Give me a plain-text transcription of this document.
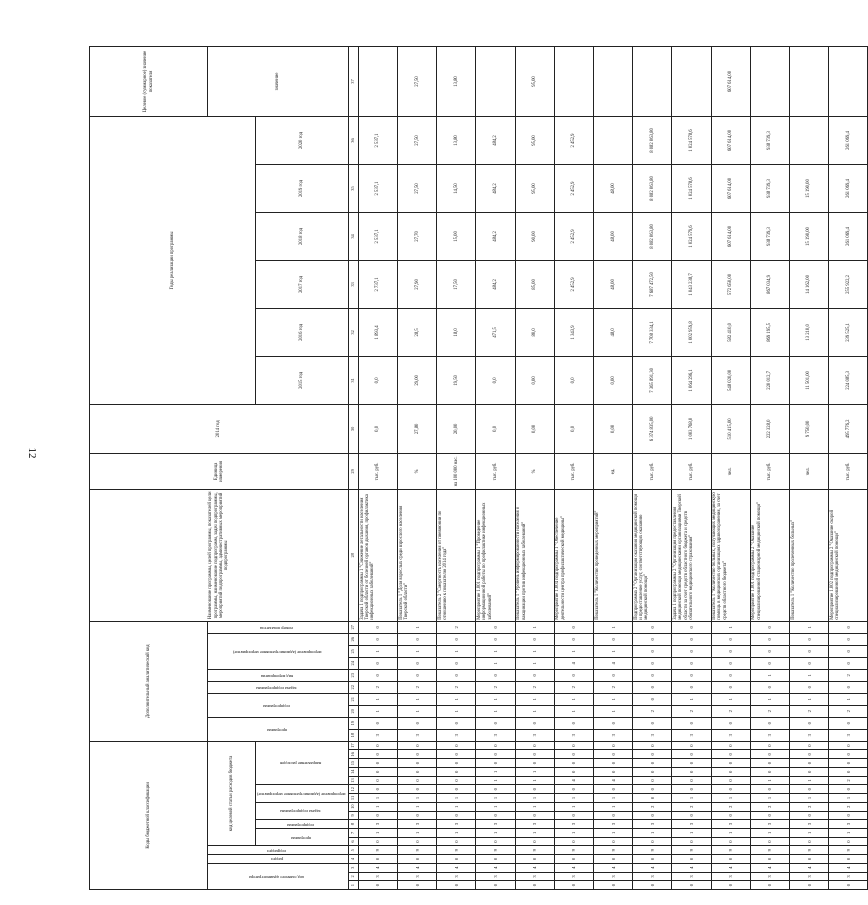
12
Коды бюджетной классификации																	Дополнительный аналитический код										Наименование программы, целей программы, показателей цели программы, наименование подпрограмм, задач подпрограммы, мероприятий подпрограммы, административных мероприятий подпрограммы	Единица измерения	2014 год	Годы реализации программы						Целевое (суммарное) значение показателя
код главного администратора			раздел	подраздел	код целевой статьи расходов бюджета												программа		подпрограмма		задача подпрограммы	вид мероприятия	мероприятие (административное мероприятие)			номер показателя										значение
					программа		подпрограмма	задача подпрограммы		мероприятие (административное мероприятие)		направление расходов																		2015 год	2016 год	2017 год	2018 год	2019 год	2020 год	
1	2	3	4	5	6	7	8	9	10	11	12	13	14	15	16	17	18	19	20	21	22	23	24	25	26	27	28	29	30	31	32	33	34	35	36	37
0	3	4	0	9	0	1	3	0	1	1	0	0	0	0	0	0	3	0	1	1	2	0	0	1	0	0	Задача 1 подпрограммы 1 "Снижение летальности населения Тверской области от болезней органов дыхания, профилактика инфекционных заболеваний"	тыс. руб.	0,0	0,0	1 893,4	2 737,1	2 537,1	2 537,1	2 537,1	
0	3	4	0	9	0	1	3	0	1	1	0	0	0	0	0	0	3	0	1	1	2	0	0	1	0	1	Показатель 1 "Доля взрослых среди взрослого населения Тверской области"	%	27,80	29,00	28,5	27,90	27,70	27,50	27,50	27,50
0	3	4	0	9	0	1	3	0	1	1	0	0	0	0	0	0	3	0	1	1	2	0	0	1	0	2	Показатель 2 "Смертность населения от пневмонии по отношению к показателю 2014 года"	на 100 000 нас.	20,00	19,50	18,0	17,50	15,00	14,50	13,80	13,80
0	3	4	0	9	0	1	3	0	1	1	0	1	1	0	0	0	3	0	1	1	2	0	1	1	0	0	Мероприятие 1.001 подпрограммы 1 "Проведение информационной работы по профилактике инфекционных заболеваний"	тыс. руб.	0,0	0,0	471,5	484,2	484,2	484,2	484,2	
0	3	4	0	9	0	1	3	0	1	1	0	1	1	0	0	0	3	0	1	1	2	0	1	1	0	1	Показатель 1 "Уровень информированности населения о вакцинации против инфекционных заболеваний"	%	0,00	0,00	80,0	85,00	90,00	95,00	95,00	95,00
0	3	4	0	9	0	1	3	0	1	1	0	4	0	0	0	0	3	0	1	1	2	0	4	1	0	0	Мероприятие 1.004 подпрограммы 1 "Обеспечение деятельности центра профилактической медицины"	тыс. руб.	0,0	0,0	1 343,9	2 452,9	2 452,9	2 452,9	2 452,9	
0	3	4	0	9	0	1	3	0	1	1	0	4	0	0	0	0	3	0	1	1	2	0	4	1	0	1	Показатель 1 "Количество проведенных мероприятий"	ед.	0,00	0,00	48,0	48,00	48,00	48,00		
0	3	4	0	9	0	1	3	0	2	0	0	0	0	0	0	0	3	0	2	0	0	0	0	0	0	0	Подпрограмма 2 "Организация оказания медицинской помощи и предоставление услуг, соответствующих оказанию медицинской помощи"	тыс. руб.	6 374 835,00	7 365 891,30	7 708 334,1	7 687 472,50	8 082 063,80	8 082 063,80	8 082 063,80	
0	3	4	0	9	0	1	3	0	2	1	0	0	0	0	0	0	3	0	2	1	0	0	0	0	0	0	Задача 1 подпрограммы 2 "Организация предоставления медицинской помощи медицинскими организациями Тверской области за счет средств областного бюджета и средств обязательного медицинского страхования"	тыс. руб.	1 003 768,0	1 064 296,1	1 002 959,8	1 043 238,7	1 024 579,6	1 024 578,6	1 024 578,6	
0	3	4	0	9	0	1	3	0	2	1	0	0	0	0	0	0	3	0	2	1	0	0	0	0	0	1	Показатель 1 "Количество больных, получающих медицинскую помощь в медицинских организациях здравоохранения, за счет средств областного бюджета"	чел.	510 415,00	548 020,00	582 410,0	572 650,00	607 614,00	607 614,00	607 614,00	607 614,00
0	3	4	0	9	0	1	3	0	2	1	0	1	0	0	0	0	3	0	2	1	0	1	0	0	0	0	Мероприятие 1.001 подпрограммы 2 "Оказание специализированной стационарной медицинской помощи"	тыс. руб.	222 328,0	220 012,7	869 195,5	867 034,9	938 739,3	938 739,3	938 739,3	
0	3	4	0	9	0	1	3	0	2	1	0	1	0	0	0	0	3	0	2	1	0	1	0	0	0	1	Показатель 1 "Количество пролеченных больных"	чел.	9 750,00	11 501,00	13 210,0	14 162,00	15 190,00	15 190,00		
0	3	4	0	9	0	1	3	0	2	1	0	2	0	0	0	0	3	0	2	1	0	2	0	0	0	0	Мероприятие 1.002 подпрограммы 2 "Оказание скорой специализированной медицинской помощи"	тыс. руб.	495 776,2	224 085,3	239 525,1	255 922,2	261 069,4	261 069,4	261 069,4	
